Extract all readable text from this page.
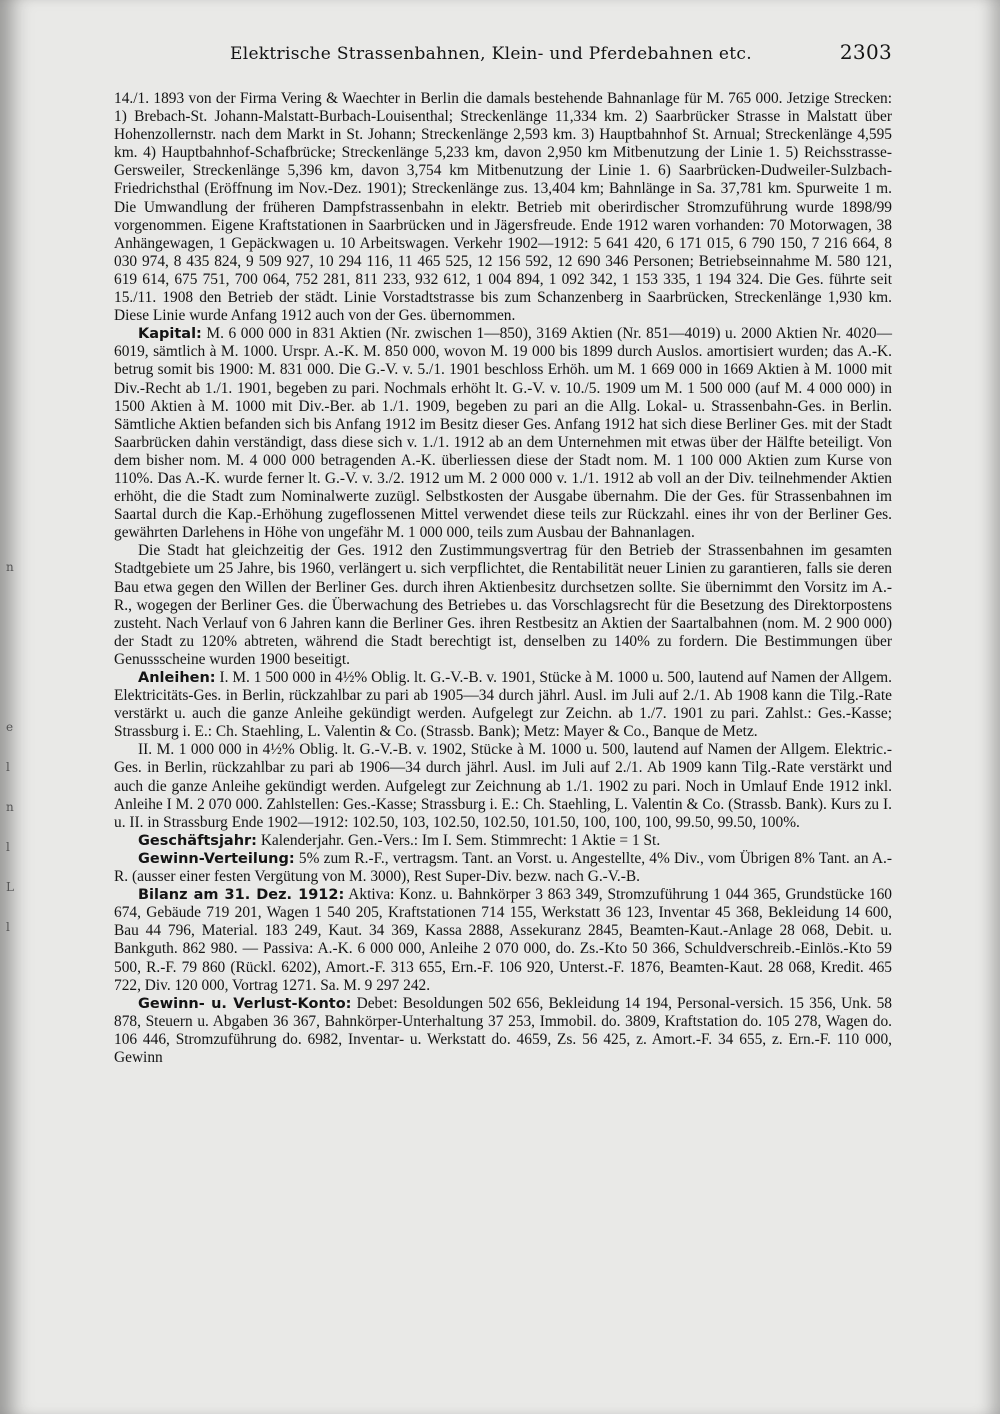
n
e
l
n
l
L
l
Elektrische Strassenbahnen, Klein- und Pferdebahnen etc.	2303

14./1. 1893 von der Firma Vering & Waechter in Berlin die damals bestehende Bahnanlage für M. 765 000. Jetzige Strecken: 1) Brebach-St. Johann-Malstatt-Burbach-Louisenthal; Streckenlänge 11,334 km. 2) Saarbrücker Strasse in Malstatt über Hohenzollernstr. nach dem Markt in St. Johann; Streckenlänge 2,593 km. 3) Hauptbahnhof St. Arnual; Streckenlänge 4,595 km. 4) Hauptbahnhof-Schafbrücke; Streckenlänge 5,233 km, davon 2,950 km Mitbenutzung der Linie 1. 5) Reichsstrasse-Gersweiler, Streckenlänge 5,396 km, davon 3,754 km Mitbenutzung der Linie 1. 6) Saarbrücken-Dudweiler-Sulzbach-Friedrichsthal (Eröffnung im Nov.-Dez. 1901); Streckenlänge zus. 13,404 km; Bahnlänge in Sa. 37,781 km. Spurweite 1 m. Die Umwandlung der früheren Dampfstrassenbahn in elektr. Betrieb mit oberirdischer Stromzuführung wurde 1898/99 vorgenommen. Eigene Kraftstationen in Saarbrücken und in Jägersfreude. Ende 1912 waren vorhanden: 70 Motorwagen, 38 Anhängewagen, 1 Gepäckwagen u. 10 Arbeitswagen. Verkehr 1902—1912: 5 641 420, 6 171 015, 6 790 150, 7 216 664, 8 030 974, 8 435 824, 9 509 927, 10 294 116, 11 465 525, 12 156 592, 12 690 346 Personen; Betriebseinnahme M. 580 121, 619 614, 675 751, 700 064, 752 281, 811 233, 932 612, 1 004 894, 1 092 342, 1 153 335, 1 194 324. Die Ges. führte seit 15./11. 1908 den Betrieb der städt. Linie Vorstadtstrasse bis zum Schanzenberg in Saarbrücken, Streckenlänge 1,930 km. Diese Linie wurde Anfang 1912 auch von der Ges. übernommen.

Kapital: M. 6 000 000 in 831 Aktien (Nr. zwischen 1—850), 3169 Aktien (Nr. 851—4019) u. 2000 Aktien Nr. 4020—6019, sämtlich à M. 1000. Urspr. A.-K. M. 850 000, wovon M. 19 000 bis 1899 durch Auslos. amortisiert wurden; das A.-K. betrug somit bis 1900: M. 831 000. Die G.-V. v. 5./1. 1901 beschloss Erhöh. um M. 1 669 000 in 1669 Aktien à M. 1000 mit Div.-Recht ab 1./1. 1901, begeben zu pari. Nochmals erhöht lt. G.-V. v. 10./5. 1909 um M. 1 500 000 (auf M. 4 000 000) in 1500 Aktien à M. 1000 mit Div.-Ber. ab 1./1. 1909, begeben zu pari an die Allg. Lokal- u. Strassenbahn-Ges. in Berlin. Sämtliche Aktien befanden sich bis Anfang 1912 im Besitz dieser Ges. Anfang 1912 hat sich diese Berliner Ges. mit der Stadt Saarbrücken dahin verständigt, dass diese sich v. 1./1. 1912 ab an dem Unternehmen mit etwas über der Hälfte beteiligt. Von dem bisher nom. M. 4 000 000 betragenden A.-K. überliessen diese der Stadt nom. M. 1 100 000 Aktien zum Kurse von 110%. Das A.-K. wurde ferner lt. G.-V. v. 3./2. 1912 um M. 2 000 000 v. 1./1. 1912 ab voll an der Div. teilnehmender Aktien erhöht, die die Stadt zum Nominalwerte zuzügl. Selbstkosten der Ausgabe übernahm. Die der Ges. für Strassenbahnen im Saartal durch die Kap.-Erhöhung zugeflossenen Mittel verwendet diese teils zur Rückzahl. eines ihr von der Berliner Ges. gewährten Darlehens in Höhe von ungefähr M. 1 000 000, teils zum Ausbau der Bahnanlagen.

Die Stadt hat gleichzeitig der Ges. 1912 den Zustimmungsvertrag für den Betrieb der Strassenbahnen im gesamten Stadtgebiete um 25 Jahre, bis 1960, verlängert u. sich verpflichtet, die Rentabilität neuer Linien zu garantieren, falls sie deren Bau etwa gegen den Willen der Berliner Ges. durch ihren Aktienbesitz durchsetzen sollte. Sie übernimmt den Vorsitz im A.-R., wogegen der Berliner Ges. die Überwachung des Betriebes u. das Vorschlagsrecht für die Besetzung des Direktorpostens zusteht. Nach Verlauf von 6 Jahren kann die Berliner Ges. ihren Restbesitz an Aktien der Saartalbahnen (nom. M. 2 900 000) der Stadt zu 120% abtreten, während die Stadt berechtigt ist, denselben zu 140% zu fordern. Die Bestimmungen über Genussscheine wurden 1900 beseitigt.

Anleihen: I. M. 1 500 000 in 4½% Oblig. lt. G.-V.-B. v. 1901, Stücke à M. 1000 u. 500, lautend auf Namen der Allgem. Elektricitäts-Ges. in Berlin, rückzahlbar zu pari ab 1905—34 durch jährl. Ausl. im Juli auf 2./1. Ab 1908 kann die Tilg.-Rate verstärkt u. auch die ganze Anleihe gekündigt werden. Aufgelegt zur Zeichn. ab 1./7. 1901 zu pari. Zahlst.: Ges.-Kasse; Strassburg i. E.: Ch. Staehling, L. Valentin & Co. (Strassb. Bank); Metz: Mayer & Co., Banque de Metz.

II. M. 1 000 000 in 4½% Oblig. lt. G.-V.-B. v. 1902, Stücke à M. 1000 u. 500, lautend auf Namen der Allgem. Elektric.-Ges. in Berlin, rückzahlbar zu pari ab 1906—34 durch jährl. Ausl. im Juli auf 2./1. Ab 1909 kann Tilg.-Rate verstärkt und auch die ganze Anleihe gekündigt werden. Aufgelegt zur Zeichnung ab 1./1. 1902 zu pari. Noch in Umlauf Ende 1912 inkl. Anleihe I M. 2 070 000. Zahlstellen: Ges.-Kasse; Strassburg i. E.: Ch. Staehling, L. Valentin & Co. (Strassb. Bank). Kurs zu I. u. II. in Strassburg Ende 1902—1912: 102.50, 103, 102.50, 102.50, 101.50, 100, 100, 100, 99.50, 99.50, 100%.

Geschäftsjahr: Kalenderjahr. Gen.-Vers.: Im I. Sem. Stimmrecht: 1 Aktie = 1 St.

Gewinn-Verteilung: 5% zum R.-F., vertragsm. Tant. an Vorst. u. Angestellte, 4% Div., vom Übrigen 8% Tant. an A.-R. (ausser einer festen Vergütung von M. 3000), Rest Super-Div. bezw. nach G.-V.-B.

Bilanz am 31. Dez. 1912: Aktiva: Konz. u. Bahnkörper 3 863 349, Stromzuführung 1 044 365, Grundstücke 160 674, Gebäude 719 201, Wagen 1 540 205, Kraftstationen 714 155, Werkstatt 36 123, Inventar 45 368, Bekleidung 14 600, Bau 44 796, Material. 183 249, Kaut. 34 369, Kassa 2888, Assekuranz 2845, Beamten-Kaut.-Anlage 28 068, Debit. u. Bankguth. 862 980. — Passiva: A.-K. 6 000 000, Anleihe 2 070 000, do. Zs.-Kto 50 366, Schuldverschreib.-Einlös.-Kto 59 500, R.-F. 79 860 (Rückl. 6202), Amort.-F. 313 655, Ern.-F. 106 920, Unterst.-F. 1876, Beamten-Kaut. 28 068, Kredit. 465 722, Div. 120 000, Vortrag 1271. Sa. M. 9 297 242.

Gewinn- u. Verlust-Konto: Debet: Besoldungen 502 656, Bekleidung 14 194, Personal-versich. 15 356, Unk. 58 878, Steuern u. Abgaben 36 367, Bahnkörper-Unterhaltung 37 253, Immobil. do. 3809, Kraftstation do. 105 278, Wagen do. 106 446, Stromzuführung do. 6982, Inventar- u. Werkstatt do. 4659, Zs. 56 425, z. Amort.-F. 34 655, z. Ern.-F. 110 000, Gewinn
